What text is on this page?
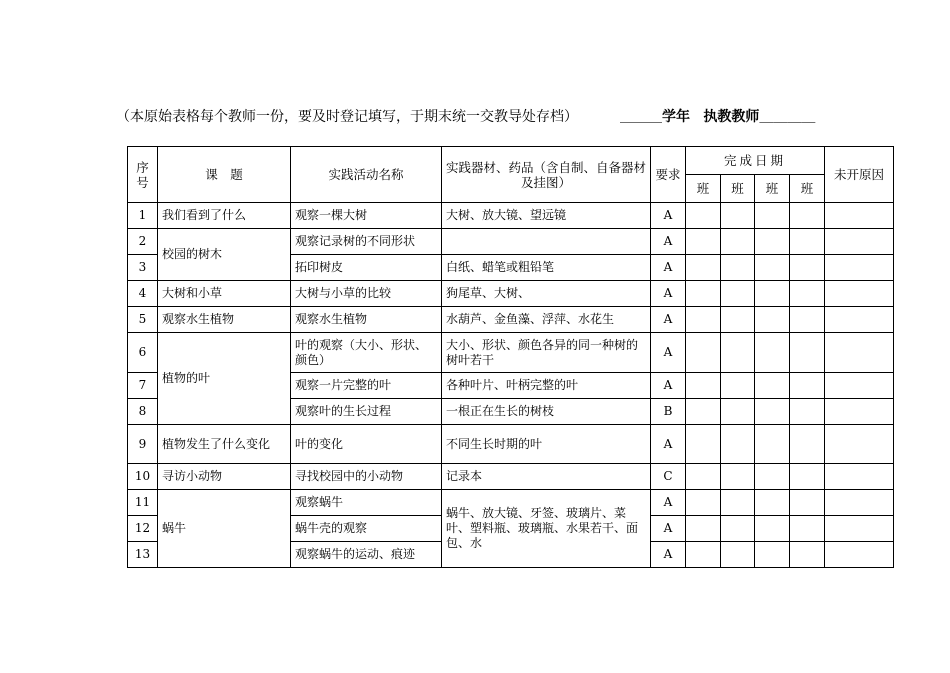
（本原始表格每个教师一份，要及时登记填写，于期末统一交教导处存档）	＿＿＿学年 执教教师＿＿＿＿
序号	课　题	实践活动名称	实践器材、药品（含自制、自备器材及挂图）	要求	完成日期				未开原因
					班	班	班	班	
1	我们看到了什么	观察一棵大树	大树、放大镜、望远镜	A					
2	校园的树木	观察记录树的不同形状		A					
3		拓印树皮	白纸、蜡笔或粗铅笔	A					
4	大树和小草	大树与小草的比较	狗尾草、大树、	A					
5	观察水生植物	观察水生植物	水葫芦、金鱼藻、浮萍、水花生	A					
6	植物的叶	叶的观察（大小、形状、颜色）	大小、形状、颜色各异的同一种树的树叶若干	A					
7		观察一片完整的叶	各种叶片、叶柄完整的叶	A					
8		观察叶的生长过程	一根正在生长的树枝	B					
9	植物发生了什么变化	叶的变化	不同生长时期的叶	A					
10	寻访小动物	寻找校园中的小动物	记录本	C					
11	蜗牛	观察蜗牛	蜗牛、放大镜、牙签、玻璃片、菜叶、塑料瓶、玻璃瓶、水果若干、面包、水	A					
12		蜗牛壳的观察		A					
13		观察蜗牛的运动、痕迹		A					
